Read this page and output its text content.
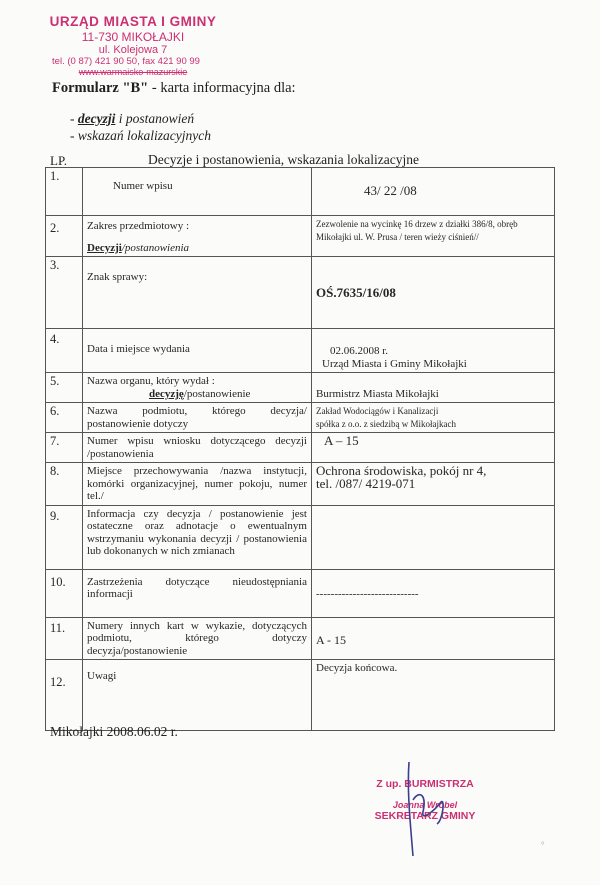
URZĄD MIASTA I GMINY
11-730 MIKOŁAJKI
ul. Kolejowa 7
tel. (0 87) 421 90 50, fax 421 90 99
www.warmaisko-mazurskie
Formularz "B" - karta informacyjna dla:
- decyzji i postanowień
- wskazań lokalizacyjnych
LP.	Decyzje i postanowienia, wskazania lokalizacyjne
1.	Numer wpisu	43/ 22 /08
2.	Zakres przedmiotowy :
Decyzji/postanowienia	Zezwolenie na wycinkę 16 drzew z działki 386/8, obręb Mikołajki ul. W. Prusa / teren wieży ciśnień//
3.	Znak sprawy:	OŚ.7635/16/08
4.	Data i miejsce wydania	02.06.2008 r.
Urząd Miasta i Gminy Mikołajki

5.	Nazwa organu, który wydał :
decyzję/postanowienie	Burmistrz Miasta Mikołajki
6.	Nazwa podmiotu, którego decyzja/ postanowienie dotyczy	Zakład Wodociągów i Kanalizacji
spółka z o.o. z siedzibą w Mikołajkach

7.	Numer wpisu wniosku dotyczącego decyzji /postanowienia	A – 15
8.	Miejsce przechowywania /nazwa instytucji, komórki organizacyjnej, numer pokoju, numer tel./	Ochrona środowiska, pokój nr 4,
tel. /087/ 4219-071

9.	Informacja czy decyzja / postanowienie jest ostateczne oraz adnotacje o ewentualnym wstrzymaniu wykonania decyzji / postanowienia lub dokonanych w nich zmianach	
10.	Zastrzeżenia dotyczące nieudostępniania informacji	----------------------------
11.	Numery innych kart w wykazie, dotyczących podmiotu, którego dotyczy decyzja/postanowienie	A - 15
12.	Uwagi	Decyzja końcowa.
Mikołajki 2008.06.02 r.
Z up. BURMISTRZA
Joanna Wróbel
SEKRETARZ GMINY
°
